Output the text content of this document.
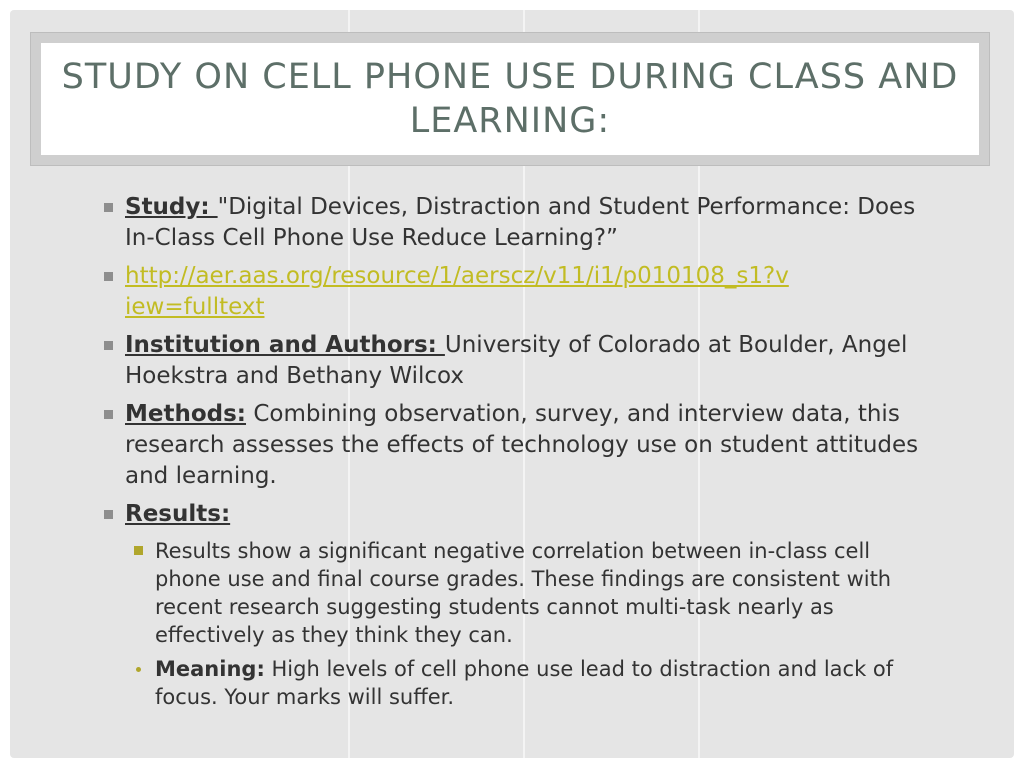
STUDY ON CELL PHONE USE DURING CLASS AND LEARNING:
Study: "Digital Devices, Distraction and Student Performance: Does In-Class Cell Phone Use Reduce Learning?”
http://aer.aas.org/resource/1/aerscz/v11/i1/p010108_s1?v
iew=fulltext
Institution and Authors: University of Colorado at Boulder, Angel Hoekstra and Bethany Wilcox
Methods: Combining observation, survey, and interview data, this research assesses the effects of technology use on student attitudes and learning.
Results:
Results show a significant negative correlation between in-class cell phone use and final course grades. These findings are consistent with recent research suggesting students cannot multi-task nearly as effectively as they think they can.
Meaning: High levels of cell phone use lead to distraction and lack of focus. Your marks will suffer.
